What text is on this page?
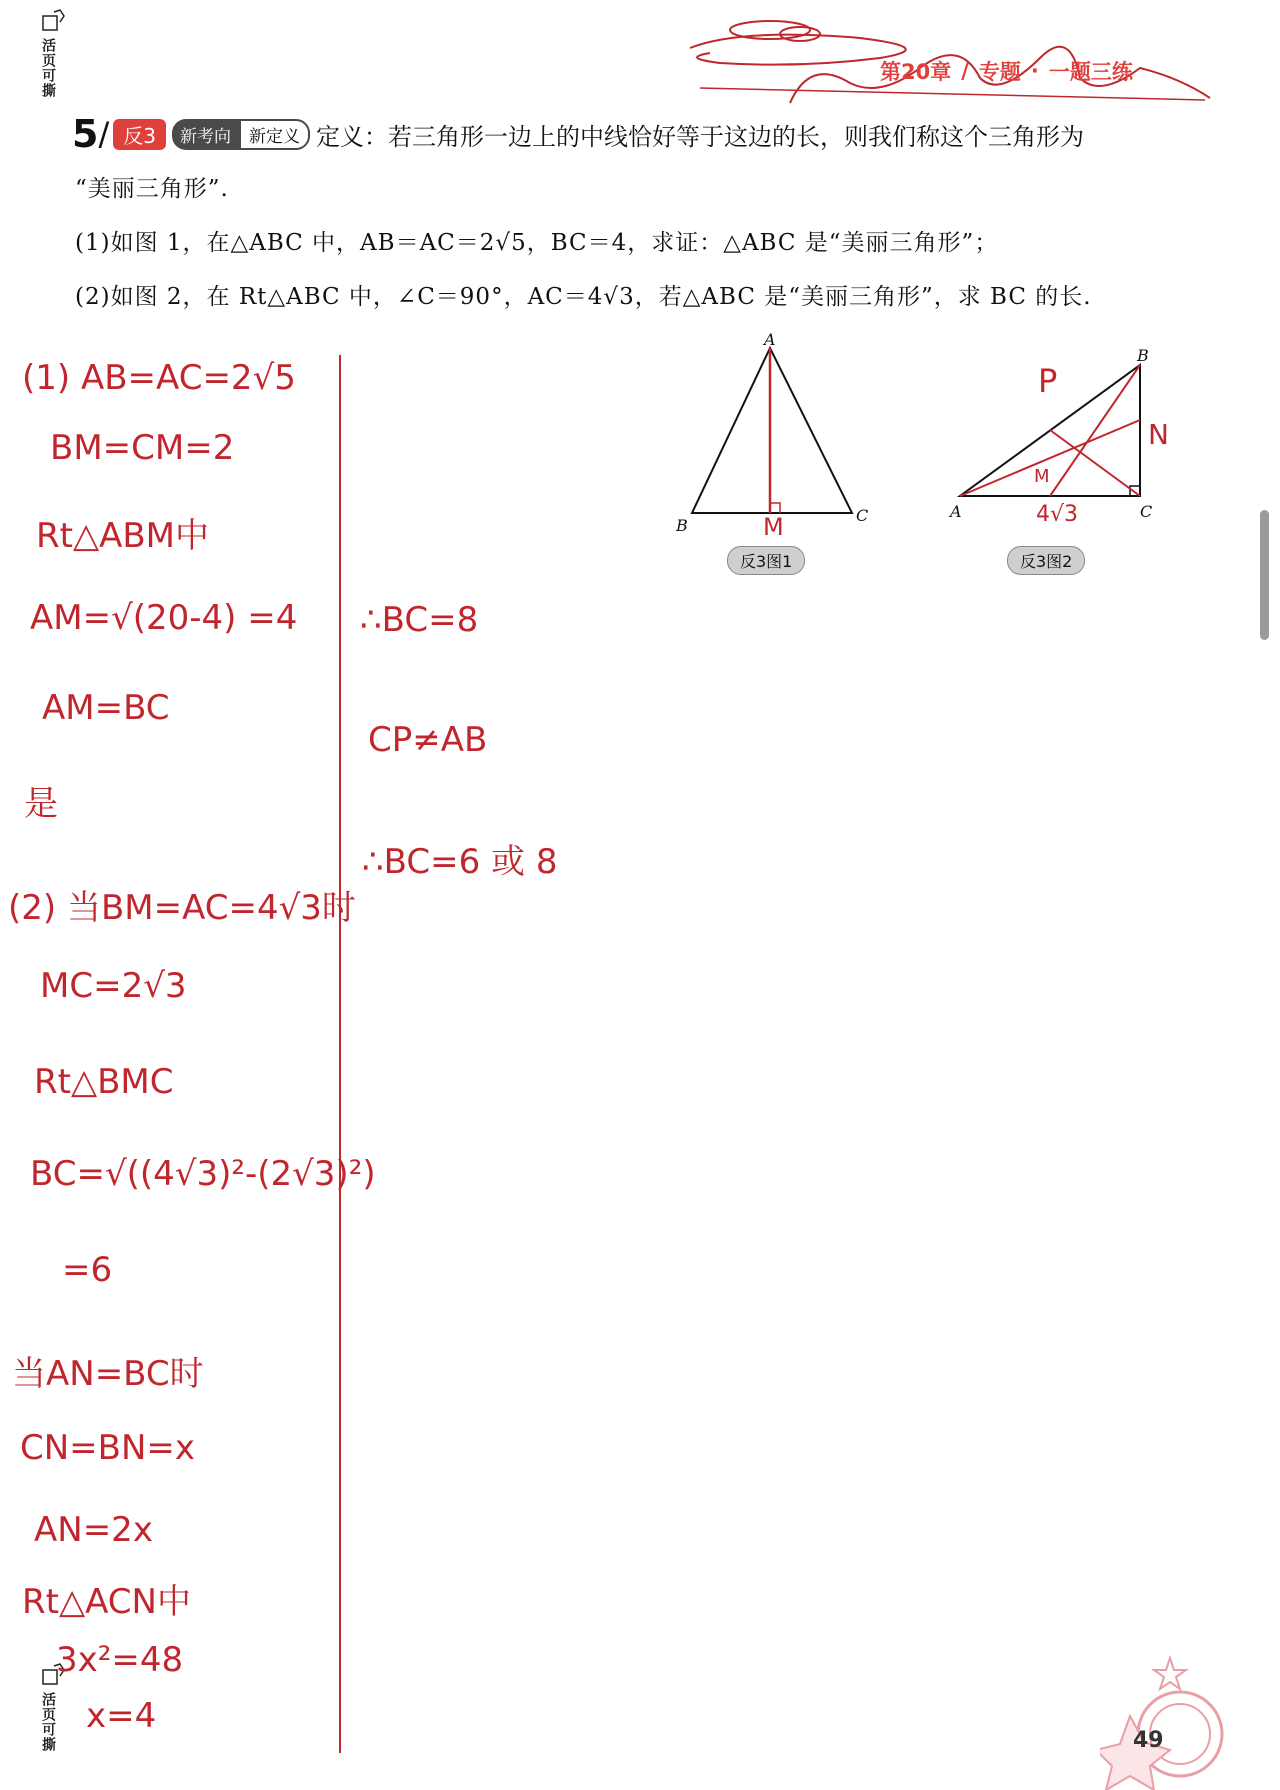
活页可撕
活页可撕
第20章 / 专题 · 一题三练
5 / 反3	新考向	新定义 定义：若三角形一边上的中线恰好等于这边的长，则我们称这个三角形为
“美丽三角形”.
(1)如图 1，在△ABC 中，AB＝AC＝2√5，BC＝4，求证：△ABC 是“美丽三角形”；
(2)如图 2，在 Rt△ABC 中，∠C＝90°，AC＝4√3，若△ABC 是“美丽三角形”，求 BC 的长.
A
B
C
M
反3图1
B
A	C
N
M
P
4√3
反3图2
(1) AB=AC=2√5
BM=CM=2
Rt△ABM中
AM=√(20-4) =4
AM=BC
是
(2) 当BM=AC=4√3时
MC=2√3
Rt△BMC
BC=√((4√3)²-(2√3)²)
=6
当AN=BC时
CN=BN=x
AN=2x
Rt△ACN中
3x²=48
x=4
∴BC=8
CP≠AB
∴BC=6 或 8
49
